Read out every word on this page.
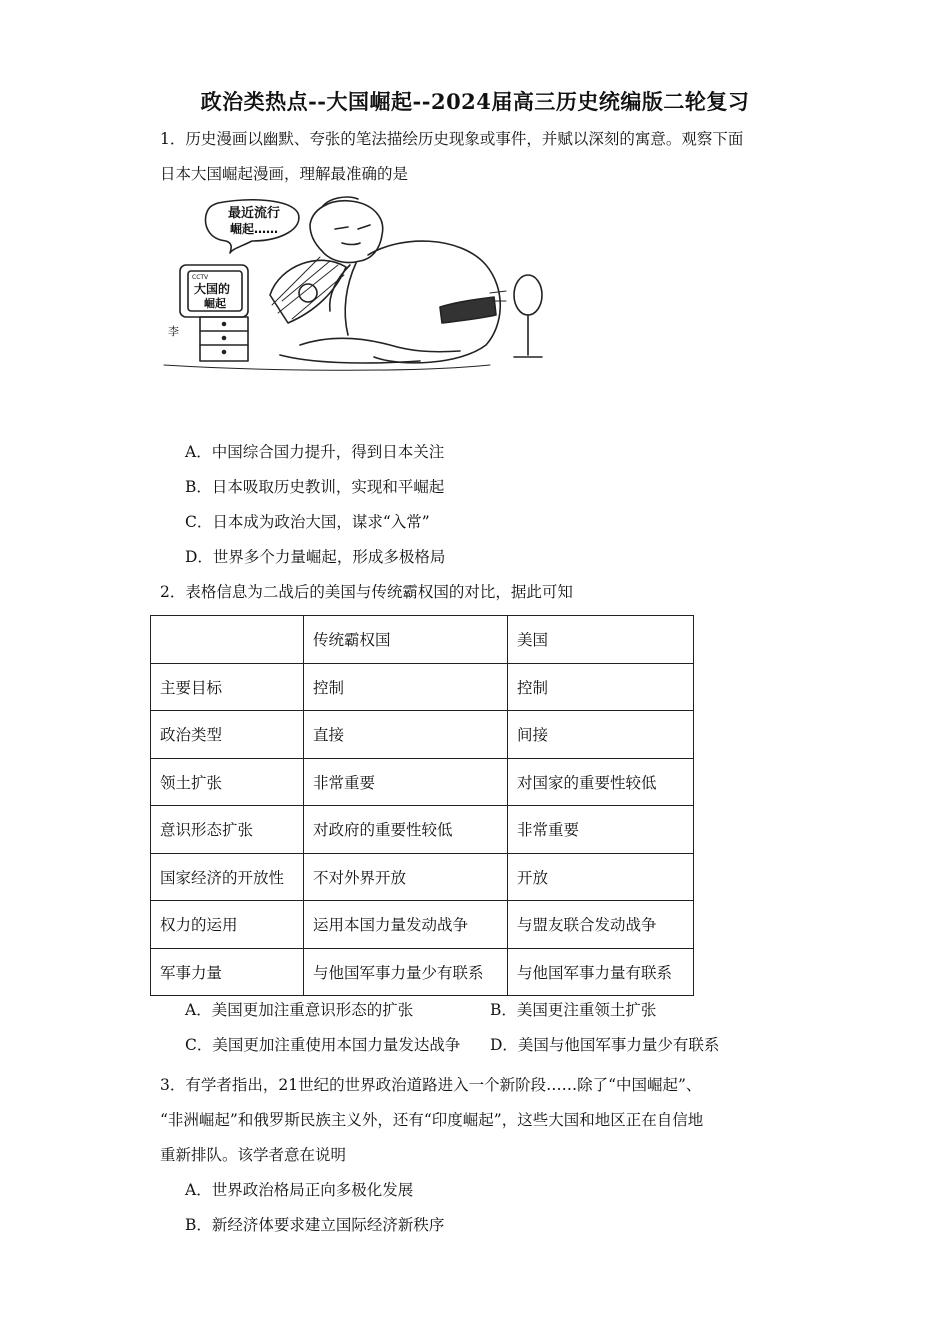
政治类热点--大国崛起--2024届高三历史统编版二轮复习
1．历史漫画以幽默、夸张的笔法描绘历史现象或事件，并赋以深刻的寓意。观察下面
日本大国崛起漫画，理解最准确的是
最近流行
崛起……
CCTV
大国的
崛起
李
A．中国综合国力提升，得到日本关注
B．日本吸取历史教训，实现和平崛起
C．日本成为政治大国，谋求“入常”
D．世界多个力量崛起，形成多极格局
2．表格信息为二战后的美国与传统霸权国的对比，据此可知
	传统霸权国	美国
主要目标	控制	控制
政治类型	直接	间接
领土扩张	非常重要	对国家的重要性较低
意识形态扩张	对政府的重要性较低	非常重要
国家经济的开放性	不对外界开放	开放
权力的运用	运用本国力量发动战争	与盟友联合发动战争
军事力量	与他国军事力量少有联系	与他国军事力量有联系
A．美国更加注重意识形态的扩张	B．美国更注重领土扩张
C．美国更加注重使用本国力量发达战争	D．美国与他国军事力量少有联系
3．有学者指出，21世纪的世界政治道路进入一个新阶段……除了“中国崛起”、
“非洲崛起”和俄罗斯民族主义外，还有“印度崛起”，这些大国和地区正在自信地
重新排队。该学者意在说明
A．世界政治格局正向多极化发展
B．新经济体要求建立国际经济新秩序
